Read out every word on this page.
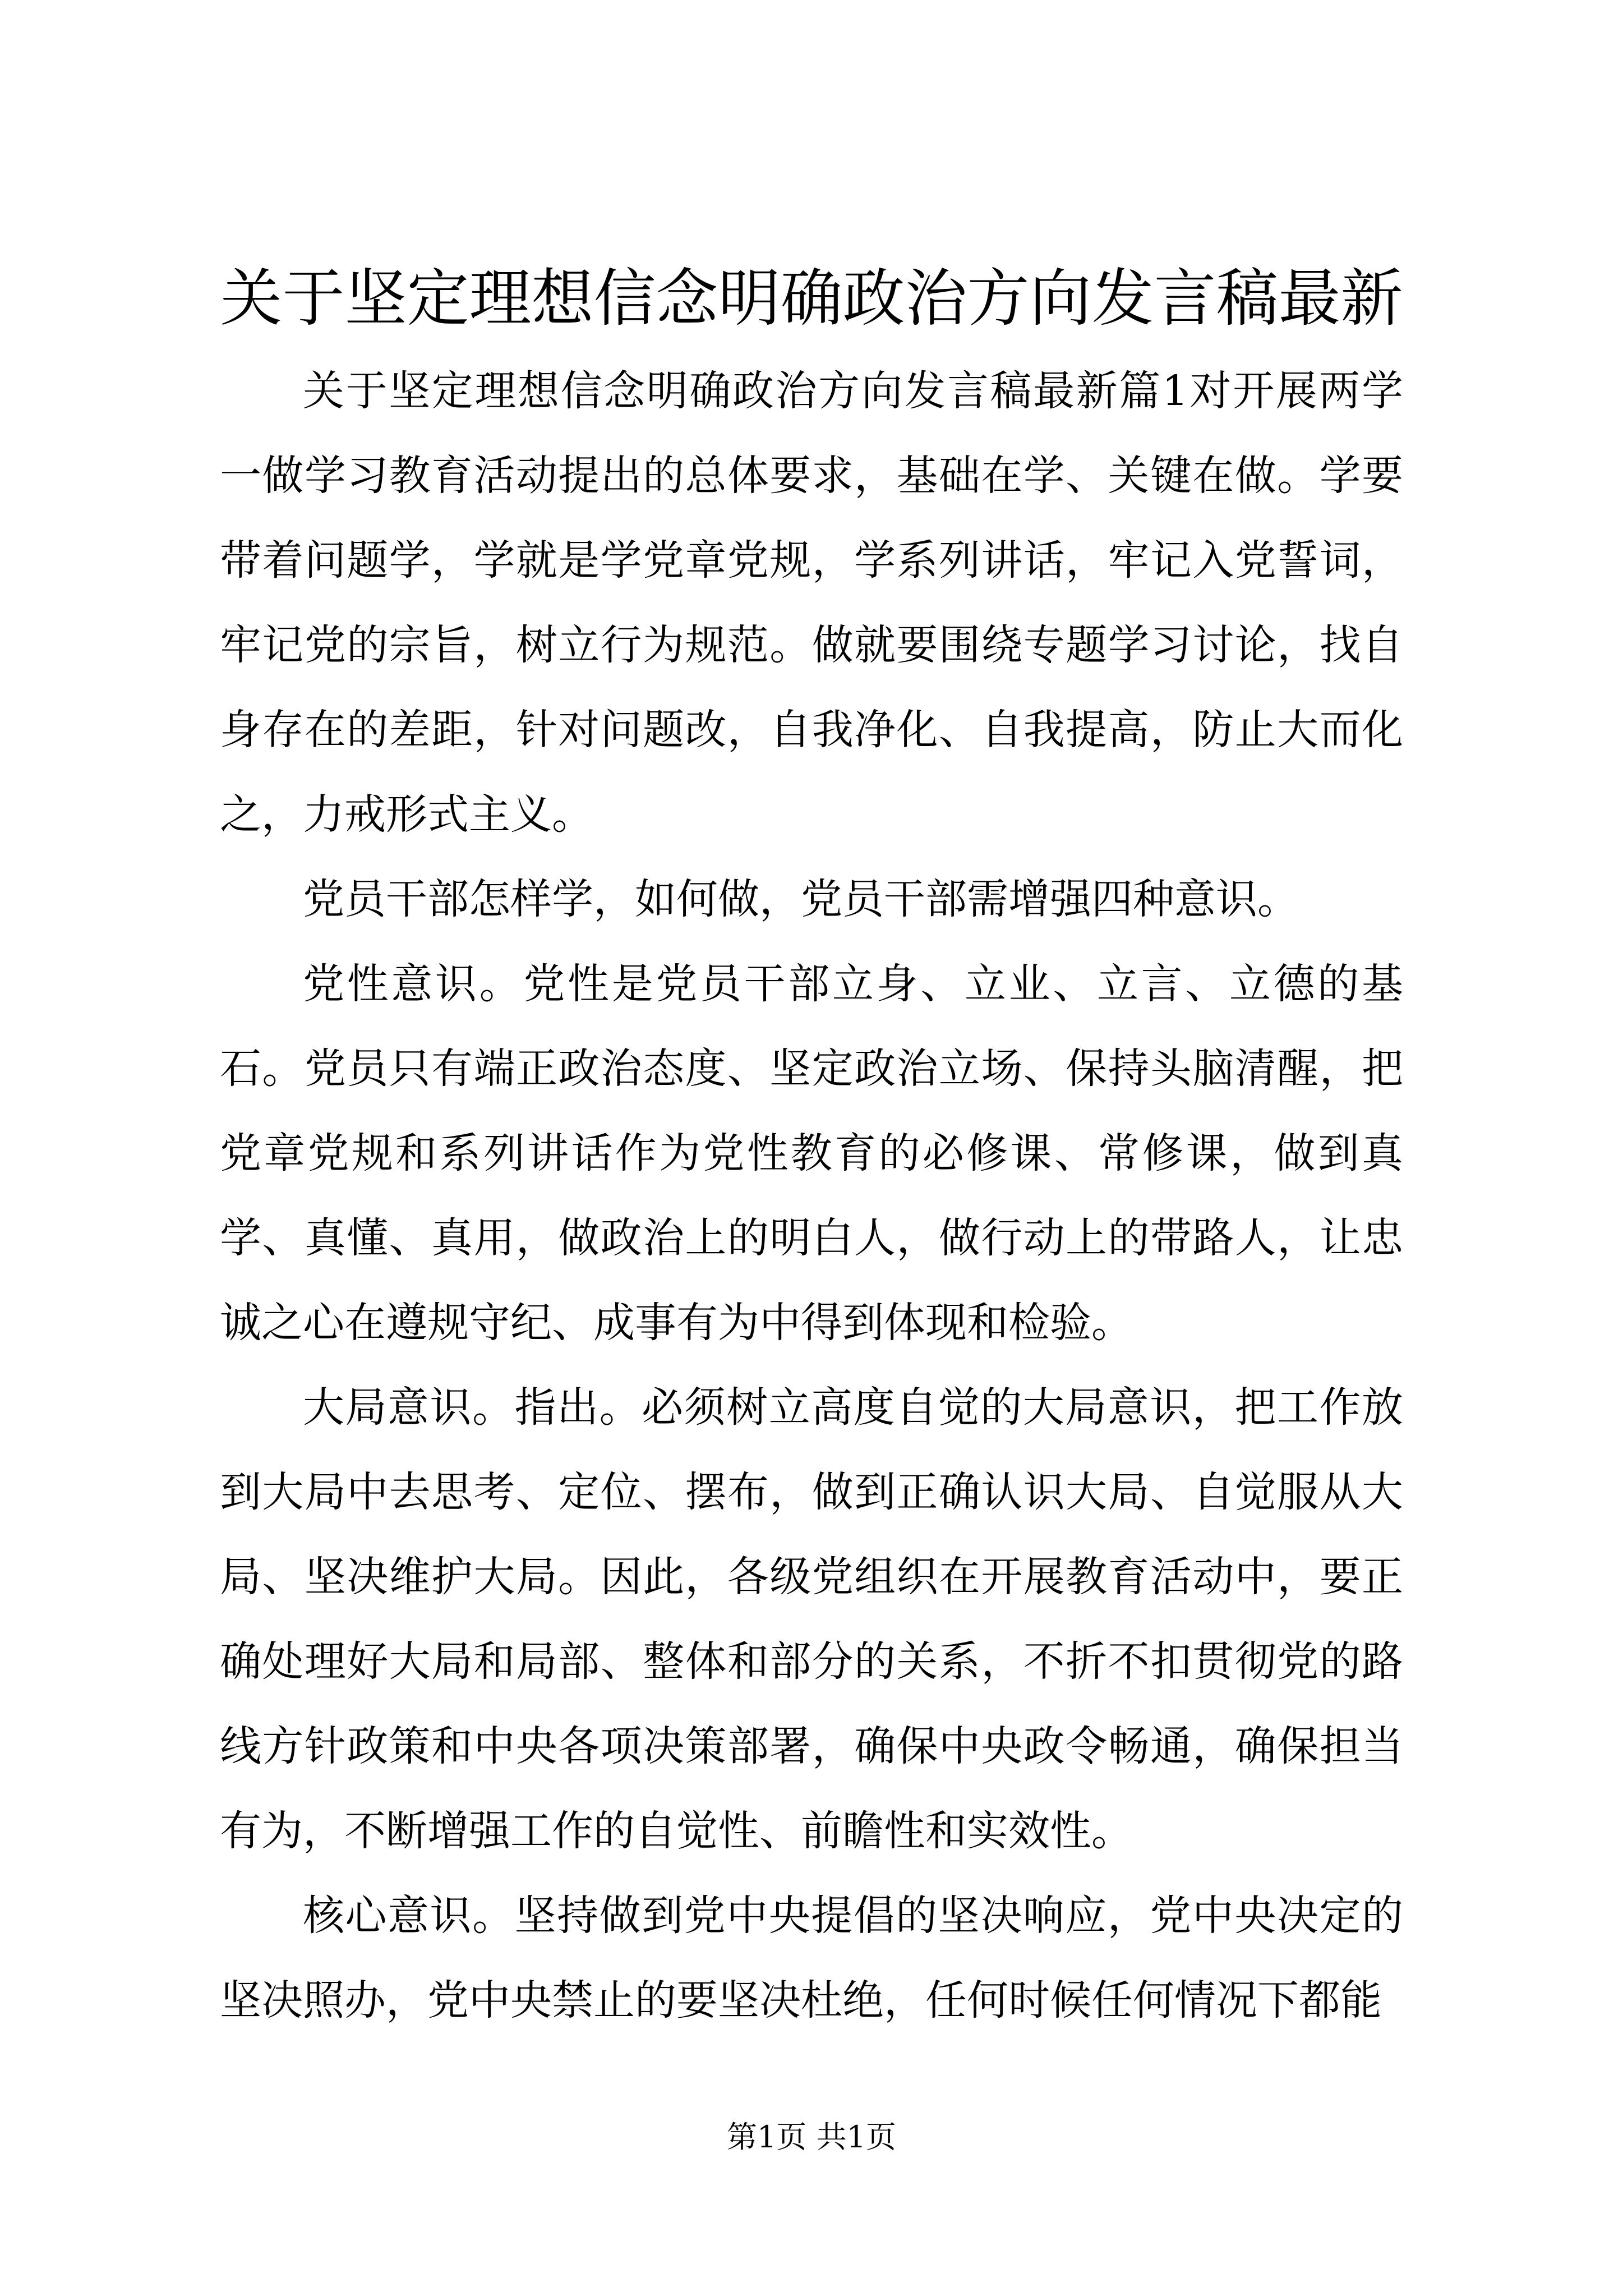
关于坚定理想信念明确政治方向发言稿最新

关于坚定理想信念明确政治方向发言稿最新篇1对开展两学一做学习教育活动提出的总体要求，基础在学、关键在做。学要带着问题学，学就是学党章党规，学系列讲话，牢记入党誓词，牢记党的宗旨，树立行为规范。做就要围绕专题学习讨论，找自身存在的差距，针对问题改，自我净化、自我提高，防止大而化之，力戒形式主义。

党员干部怎样学，如何做，党员干部需增强四种意识。

党性意识。党性是党员干部立身、立业、立言、立德的基石。党员只有端正政治态度、坚定政治立场、保持头脑清醒，把党章党规和系列讲话作为党性教育的必修课、常修课，做到真学、真懂、真用，做政治上的明白人，做行动上的带路人，让忠诚之心在遵规守纪、成事有为中得到体现和检验。

大局意识。指出。必须树立高度自觉的大局意识，把工作放到大局中去思考、定位、摆布，做到正确认识大局、自觉服从大局、坚决维护大局。因此，各级党组织在开展教育活动中，要正确处理好大局和局部、整体和部分的关系，不折不扣贯彻党的路线方针政策和中央各项决策部署，确保中央政令畅通，确保担当有为，不断增强工作的自觉性、前瞻性和实效性。

核心意识。坚持做到党中央提倡的坚决响应，党中央决定的坚决照办，党中央禁止的要坚决杜绝，任何时候任何情况下都能

第1页 共1页
